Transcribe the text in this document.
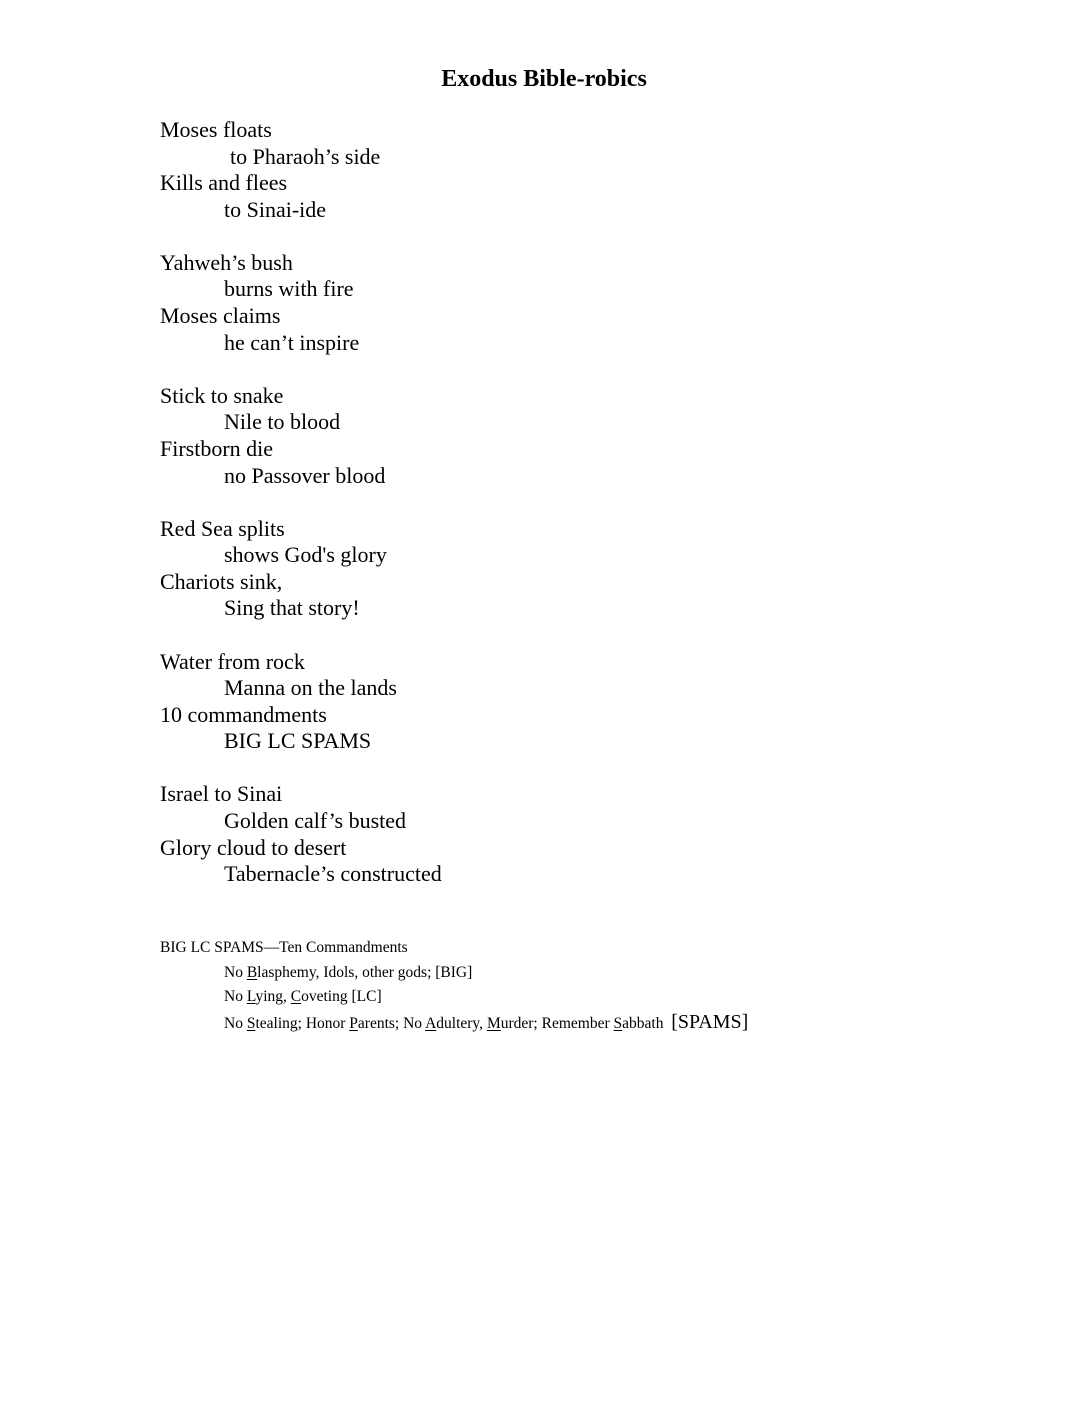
Exodus Bible-robics
Moses floats
to Pharaoh’s side
Kills and flees
to Sinai-ide
Yahweh’s bush
burns with fire
Moses claims
he can’t inspire
Stick to snake
Nile to blood
Firstborn die
no Passover blood
Red Sea splits
shows God's glory
Chariots sink,
Sing that story!
Water from rock
Manna on the lands
10 commandments
BIG LC SPAMS
Israel to Sinai
Golden calf’s busted
Glory cloud to desert
Tabernacle’s constructed
BIG LC SPAMS—Ten Commandments
No Blasphemy, Idols, other gods; [BIG]
No Lying, Coveting [LC]
No Stealing; Honor Parents; No Adultery, Murder; Remember Sabbath  [SPAMS]
